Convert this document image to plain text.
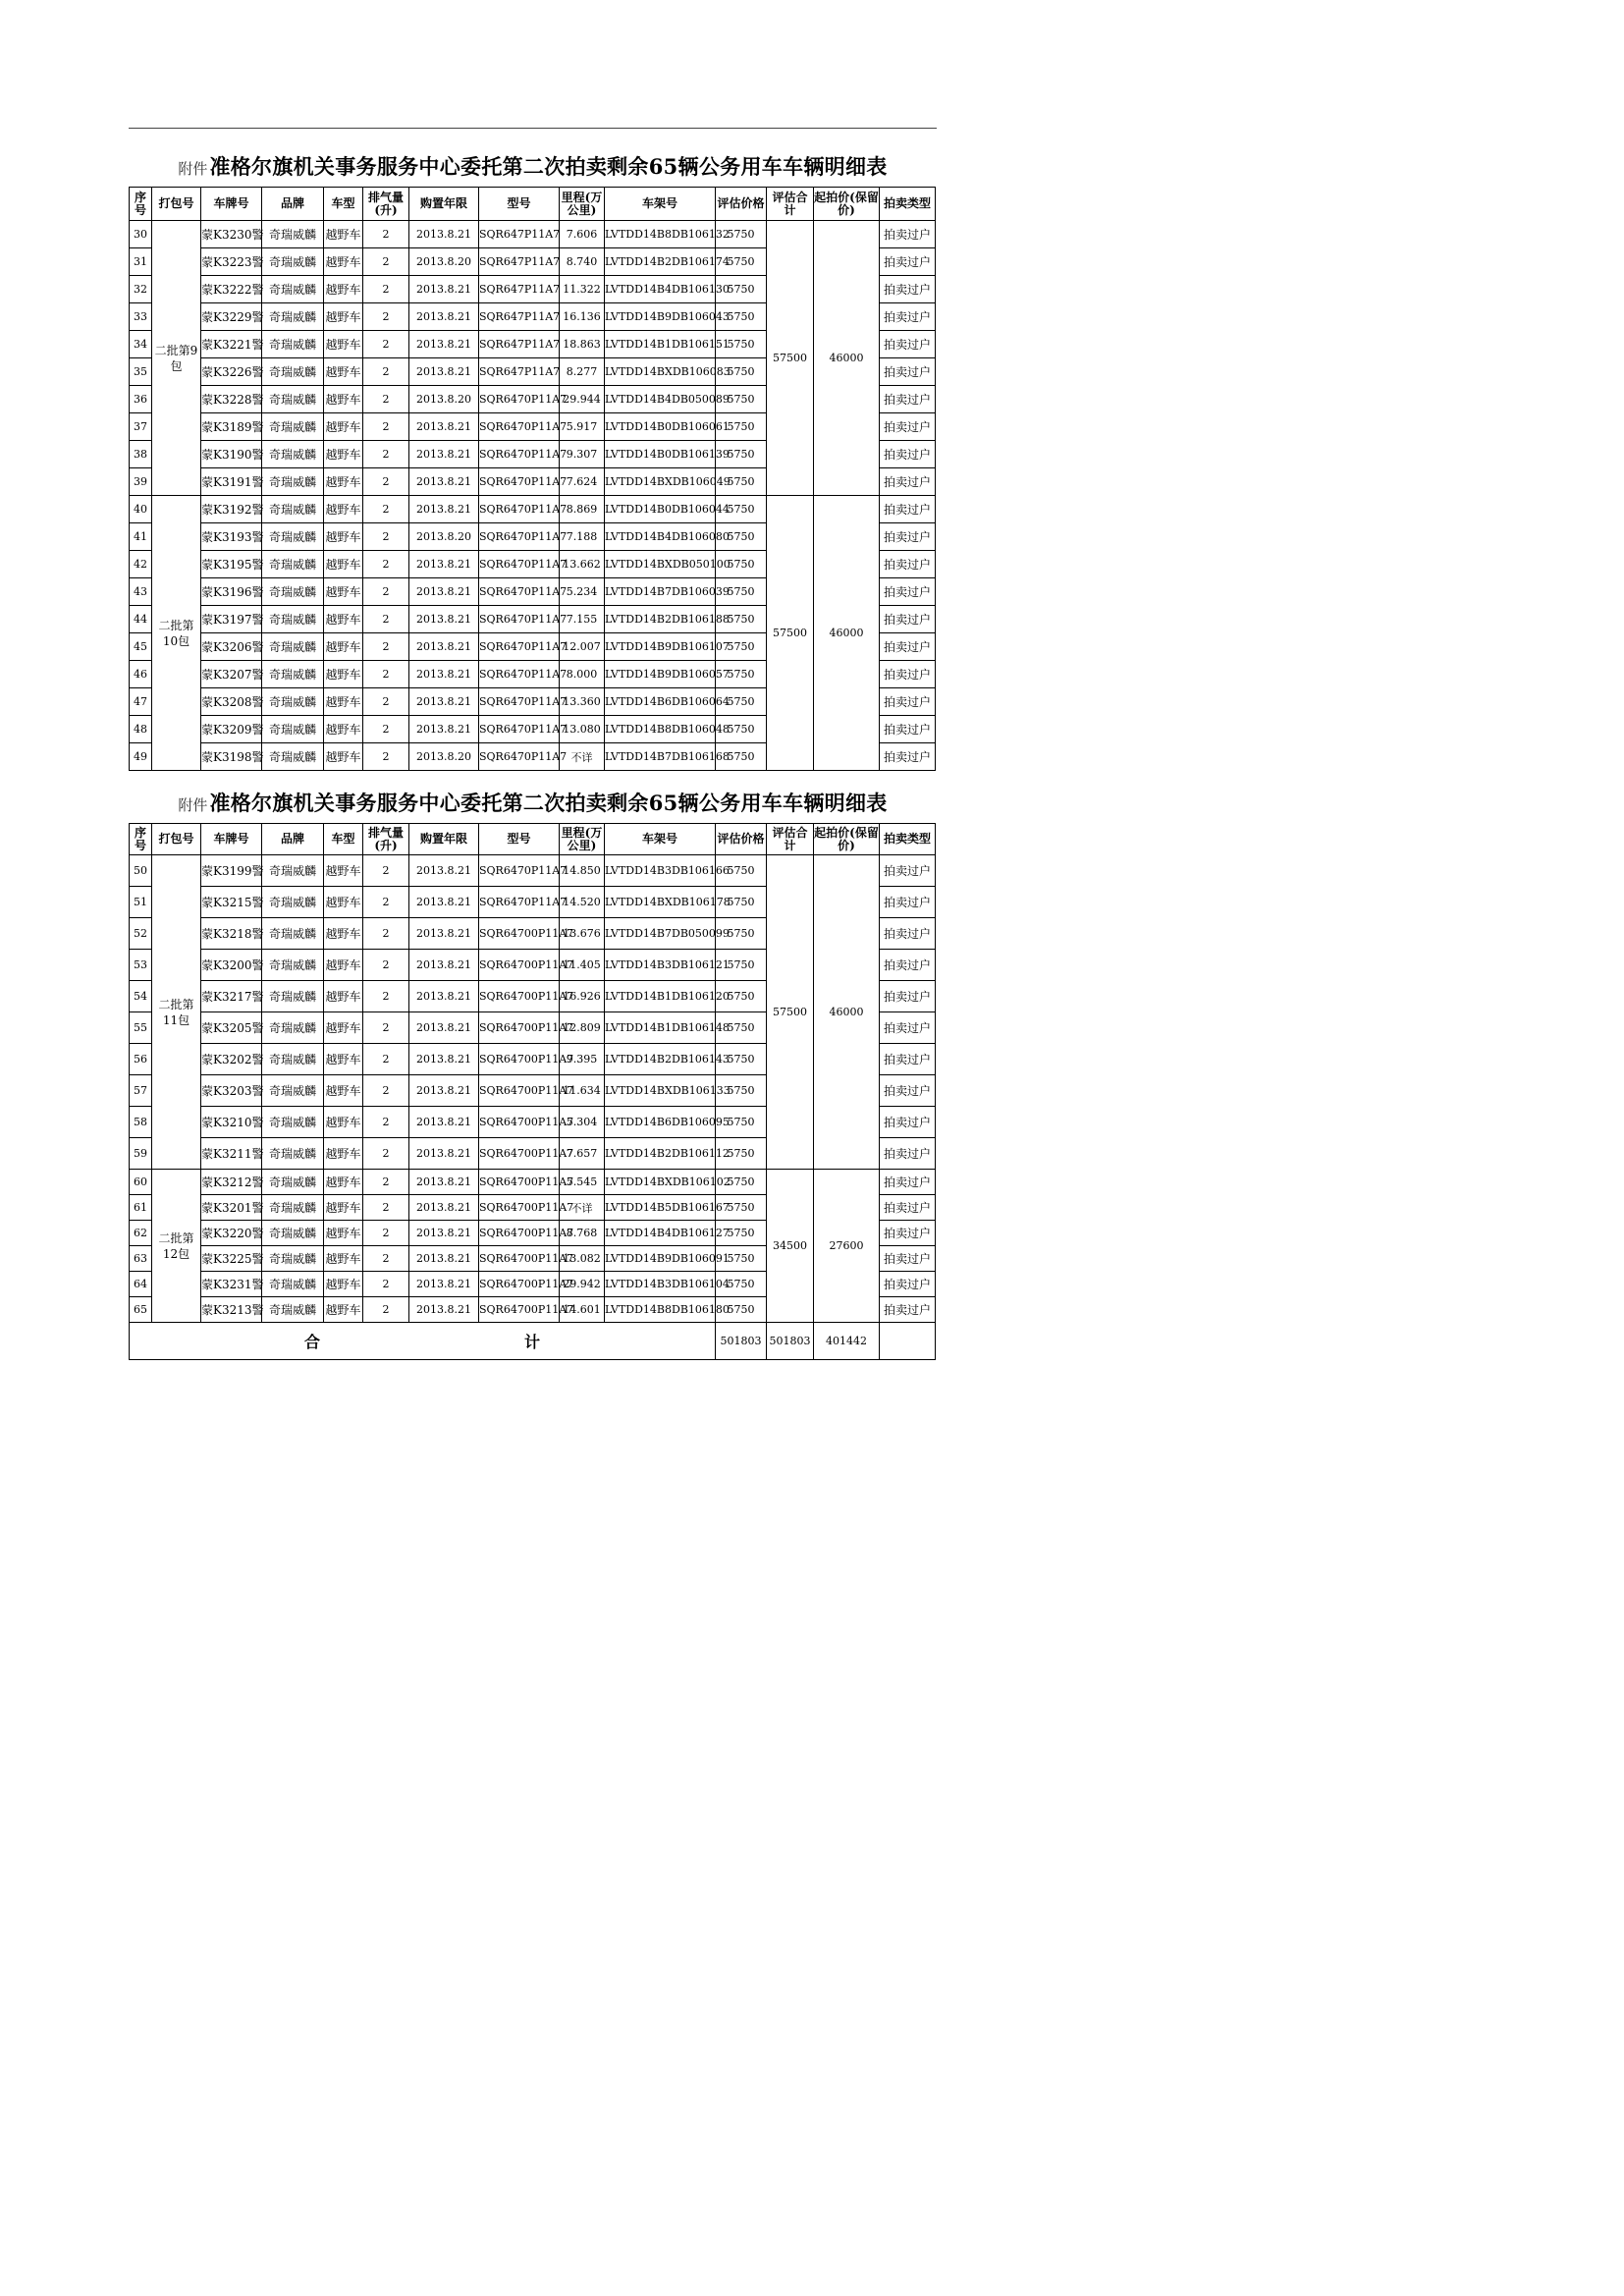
附件准格尔旗机关事务服务中心委托第二次拍卖剩余65辆公务用车车辆明细表
序号	打包号	车牌号	品牌	车型	排气量(升)	购置年限	型号	里程(万公里)	车架号	评估价格	评估合计	起拍价(保留价)	拍卖类型
30	二批第9包	蒙K3230警	奇瑞威麟	越野车	2	2013.8.21	SQR647P11A7	7.606	LVTDD14B8DB106132	5750	57500	46000	拍卖过户
31		蒙K3223警	奇瑞威麟	越野车	2	2013.8.20	SQR647P11A7	8.740	LVTDD14B2DB106174	5750			拍卖过户
32		蒙K3222警	奇瑞威麟	越野车	2	2013.8.21	SQR647P11A7	11.322	LVTDD14B4DB106130	5750			拍卖过户
33		蒙K3229警	奇瑞威麟	越野车	2	2013.8.21	SQR647P11A7	16.136	LVTDD14B9DB106043	5750			拍卖过户
34		蒙K3221警	奇瑞威麟	越野车	2	2013.8.21	SQR647P11A7	18.863	LVTDD14B1DB106151	5750			拍卖过户
35		蒙K3226警	奇瑞威麟	越野车	2	2013.8.21	SQR647P11A7	8.277	LVTDD14BXDB106083	5750			拍卖过户
36		蒙K3228警	奇瑞威麟	越野车	2	2013.8.20	SQR6470P11A7	29.944	LVTDD14B4DB050089	5750			拍卖过户
37		蒙K3189警	奇瑞威麟	越野车	2	2013.8.21	SQR6470P11A7	5.917	LVTDD14B0DB106061	5750			拍卖过户
38		蒙K3190警	奇瑞威麟	越野车	2	2013.8.21	SQR6470P11A7	9.307	LVTDD14B0DB106139	5750			拍卖过户
39		蒙K3191警	奇瑞威麟	越野车	2	2013.8.21	SQR6470P11A7	7.624	LVTDD14BXDB106049	5750			拍卖过户
40	二批第10包	蒙K3192警	奇瑞威麟	越野车	2	2013.8.21	SQR6470P11A7	8.869	LVTDD14B0DB106044	5750	57500	46000	拍卖过户
41		蒙K3193警	奇瑞威麟	越野车	2	2013.8.20	SQR6470P11A7	7.188	LVTDD14B4DB106080	5750			拍卖过户
42		蒙K3195警	奇瑞威麟	越野车	2	2013.8.21	SQR6470P11A7	13.662	LVTDD14BXDB050100	5750			拍卖过户
43		蒙K3196警	奇瑞威麟	越野车	2	2013.8.21	SQR6470P11A7	5.234	LVTDD14B7DB106039	5750			拍卖过户
44		蒙K3197警	奇瑞威麟	越野车	2	2013.8.21	SQR6470P11A7	7.155	LVTDD14B2DB106188	5750			拍卖过户
45		蒙K3206警	奇瑞威麟	越野车	2	2013.8.21	SQR6470P11A7	12.007	LVTDD14B9DB106107	5750			拍卖过户
46		蒙K3207警	奇瑞威麟	越野车	2	2013.8.21	SQR6470P11A7	8.000	LVTDD14B9DB106057	5750			拍卖过户
47		蒙K3208警	奇瑞威麟	越野车	2	2013.8.21	SQR6470P11A7	13.360	LVTDD14B6DB106064	5750			拍卖过户
48		蒙K3209警	奇瑞威麟	越野车	2	2013.8.21	SQR6470P11A7	13.080	LVTDD14B8DB106048	5750			拍卖过户
49		蒙K3198警	奇瑞威麟	越野车	2	2013.8.20	SQR6470P11A7	不详	LVTDD14B7DB106168	5750			拍卖过户
附件准格尔旗机关事务服务中心委托第二次拍卖剩余65辆公务用车车辆明细表
序号	打包号	车牌号	品牌	车型	排气量(升)	购置年限	型号	里程(万公里)	车架号	评估价格	评估合计	起拍价(保留价)	拍卖类型
50	二批第11包	蒙K3199警	奇瑞威麟	越野车	2	2013.8.21	SQR6470P11A7	14.850	LVTDD14B3DB106166	5750	57500	46000	拍卖过户
51		蒙K3215警	奇瑞威麟	越野车	2	2013.8.21	SQR6470P11A7	14.520	LVTDD14BXDB106178	5750			拍卖过户
52		蒙K3218警	奇瑞威麟	越野车	2	2013.8.21	SQR64700P11A7	13.676	LVTDD14B7DB050099	5750			拍卖过户
53		蒙K3200警	奇瑞威麟	越野车	2	2013.8.21	SQR64700P11A7	11.405	LVTDD14B3DB106121	5750			拍卖过户
54		蒙K3217警	奇瑞威麟	越野车	2	2013.8.21	SQR64700P11A7	16.926	LVTDD14B1DB106120	5750			拍卖过户
55		蒙K3205警	奇瑞威麟	越野车	2	2013.8.21	SQR64700P11A7	12.809	LVTDD14B1DB106148	5750			拍卖过户
56		蒙K3202警	奇瑞威麟	越野车	2	2013.8.21	SQR64700P11A7	9.395	LVTDD14B2DB106143	5750			拍卖过户
57		蒙K3203警	奇瑞威麟	越野车	2	2013.8.21	SQR64700P11A7	11.634	LVTDD14BXDB106133	5750			拍卖过户
58		蒙K3210警	奇瑞威麟	越野车	2	2013.8.21	SQR64700P11A7	5.304	LVTDD14B6DB106095	5750			拍卖过户
59		蒙K3211警	奇瑞威麟	越野车	2	2013.8.21	SQR64700P11A7	7.657	LVTDD14B2DB106112	5750			拍卖过户
60	二批第12包	蒙K3212警	奇瑞威麟	越野车	2	2013.8.21	SQR64700P11A7	5.545	LVTDD14BXDB106102	5750	34500	27600	拍卖过户
61		蒙K3201警	奇瑞威麟	越野车	2	2013.8.21	SQR64700P11A7	不详	LVTDD14B5DB106167	5750			拍卖过户
62		蒙K3220警	奇瑞威麟	越野车	2	2013.8.21	SQR64700P11A7	8.768	LVTDD14B4DB106127	5750			拍卖过户
63		蒙K3225警	奇瑞威麟	越野车	2	2013.8.21	SQR64700P11A7	13.082	LVTDD14B9DB106091	5750			拍卖过户
64		蒙K3231警	奇瑞威麟	越野车	2	2013.8.21	SQR64700P11A7	29.942	LVTDD14B3DB106104	5750			拍卖过户
65		蒙K3213警	奇瑞威麟	越野车	2	2013.8.21	SQR64700P11A7	14.601	LVTDD14B8DB106180	5750			拍卖过户
合 计										501803	501803	401442	
